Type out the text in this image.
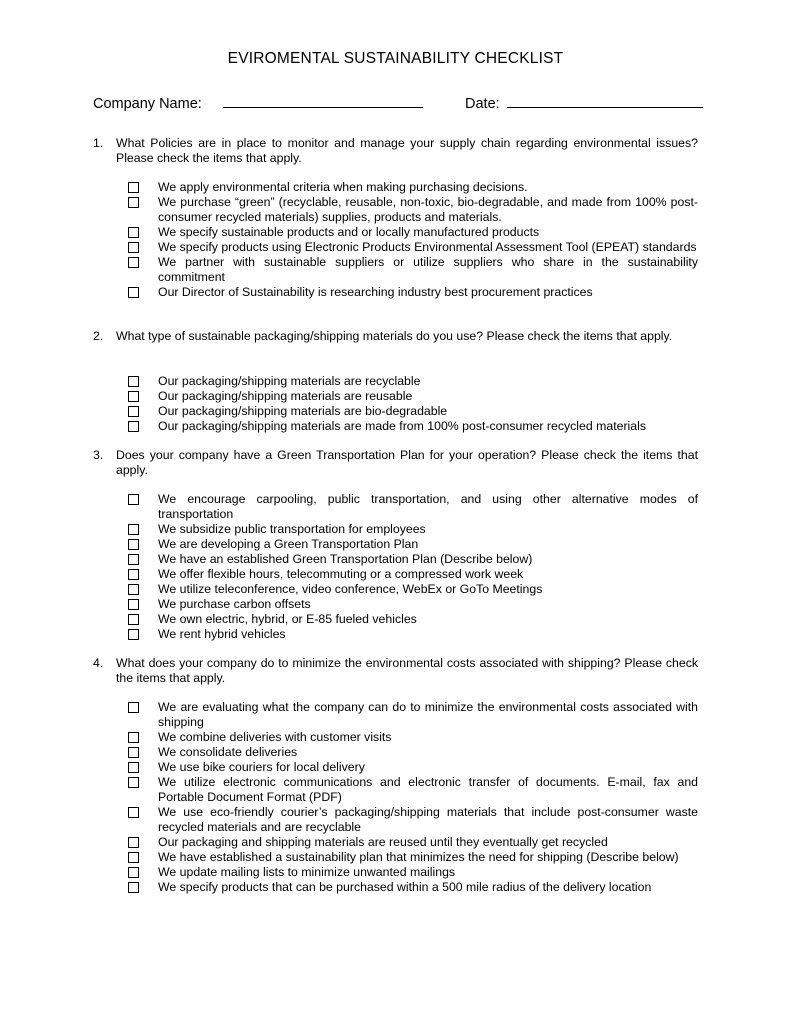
EVIROMENTAL SUSTAINABILITY CHECKLIST
Company Name:	Date:
1. What Policies are in place to monitor and manage your supply chain regarding environmental issues? Please check the items that apply.
We apply environmental criteria when making purchasing decisions.
We purchase “green” (recyclable, reusable, non-toxic, bio-degradable, and made from 100% post-consumer recycled materials) supplies, products and materials.
We specify sustainable products and or locally manufactured products
We specify products using Electronic Products Environmental Assessment Tool (EPEAT) standards
We partner with sustainable suppliers or utilize suppliers who share in the sustainability commitment
Our Director of Sustainability is researching industry best procurement practices
2. What type of sustainable packaging/shipping materials do you use? Please check the items that apply.
Our packaging/shipping materials are recyclable
Our packaging/shipping materials are reusable
Our packaging/shipping materials are bio-degradable
Our packaging/shipping materials are made from 100% post-consumer recycled materials
3. Does your company have a Green Transportation Plan for your operation? Please check the items that apply.
We encourage carpooling, public transportation, and using other alternative modes of transportation
We subsidize public transportation for employees
We are developing a Green Transportation Plan
We have an established Green Transportation Plan (Describe below)
We offer flexible hours, telecommuting or a compressed work week
We utilize teleconference, video conference, WebEx or GoTo Meetings
We purchase carbon offsets
We own electric, hybrid, or E-85 fueled vehicles
We rent hybrid vehicles
4. What does your company do to minimize the environmental costs associated with shipping? Please check the items that apply.
We are evaluating what the company can do to minimize the environmental costs associated with shipping
We combine deliveries with customer visits
We consolidate deliveries
We use bike couriers for local delivery
We utilize electronic communications and electronic transfer of documents. E-mail, fax and Portable Document Format (PDF)
We use eco-friendly courier’s packaging/shipping materials that include post-consumer waste recycled materials and are recyclable
Our packaging and shipping materials are reused until they eventually get recycled
We have established a sustainability plan that minimizes the need for shipping (Describe below)
We update mailing lists to minimize unwanted mailings
We specify products that can be purchased within a 500 mile radius of the delivery location
